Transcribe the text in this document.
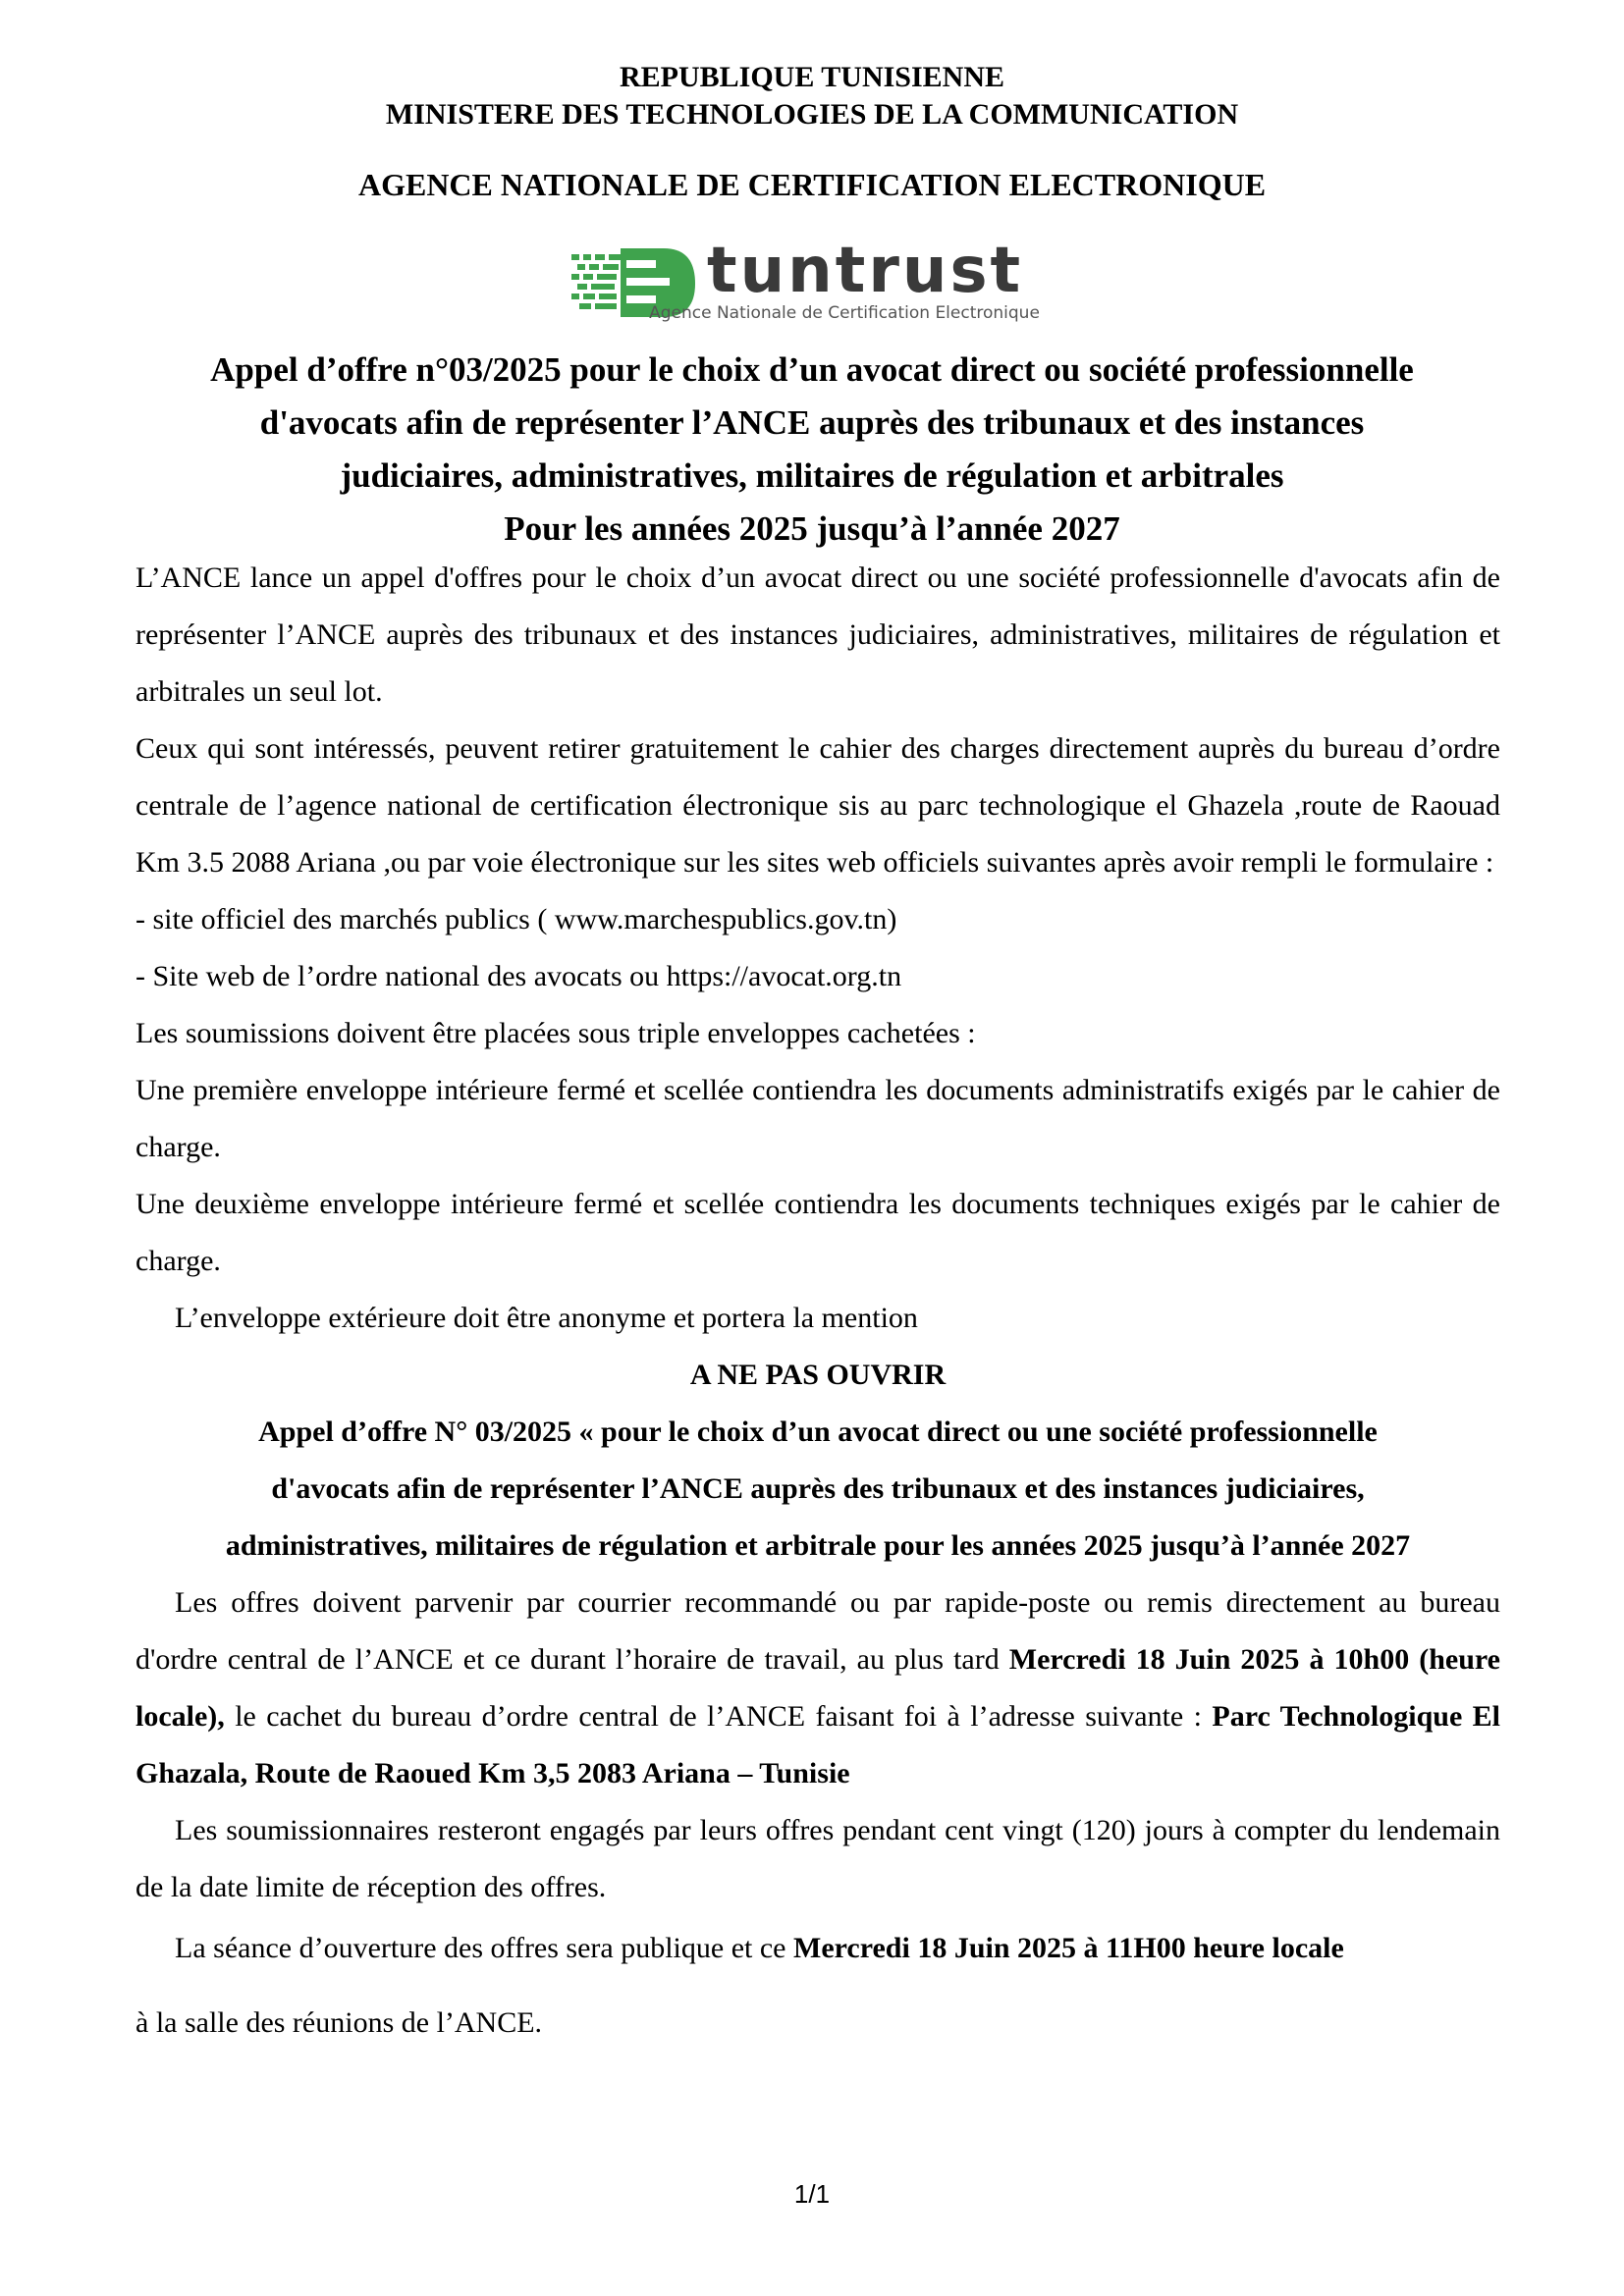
REPUBLIQUE TUNISIENNE
MINISTERE DES TECHNOLOGIES DE LA COMMUNICATION
AGENCE NATIONALE DE CERTIFICATION ELECTRONIQUE
tuntrust
Agence Nationale de Certification Electronique
Appel d’offre n°03/2025 pour le choix d’un avocat direct ou société professionnelle
d'avocats afin de représenter l’ANCE auprès des tribunaux et des instances
judiciaires, administratives, militaires de régulation et arbitrales
Pour les années 2025 jusqu’à l’année 2027

L’ANCE lance un appel d'offres pour le choix d’un avocat direct ou une société professionnelle d'avocats afin de représenter l’ANCE auprès des tribunaux et des instances judiciaires, administratives, militaires de régulation et arbitrales un seul lot.

Ceux qui sont intéressés, peuvent retirer gratuitement le cahier des charges directement auprès du bureau d’ordre centrale de l’agence national de certification électronique sis au parc technologique el Ghazela ,route de Raouad Km 3.5 2088 Ariana ,ou par voie électronique sur les sites web officiels suivantes après avoir rempli le formulaire :

- site officiel des marchés publics ( www.marchespublics.gov.tn)

- Site web de l’ordre national des avocats ou https://avocat.org.tn

Les soumissions doivent être placées sous triple enveloppes cachetées :

Une première enveloppe intérieure fermé et scellée contiendra les documents administratifs exigés par le cahier de charge.

Une deuxième enveloppe intérieure fermé et scellée contiendra les documents techniques exigés par le cahier de charge.

L’enveloppe extérieure doit être anonyme et portera la mention

A NE PAS OUVRIR

Appel d’offre N° 03/2025 « pour le choix d’un avocat direct ou une société professionnelle

d'avocats afin de représenter l’ANCE auprès des tribunaux et des instances judiciaires,

administratives, militaires de régulation et arbitrale pour les années 2025 jusqu’à l’année 2027

Les offres doivent parvenir par courrier recommandé ou par rapide-poste ou remis directement au bureau d'ordre central de l’ANCE et ce durant l’horaire de travail, au plus tard Mercredi 18 Juin 2025 à 10h00 (heure locale), le cachet du bureau d’ordre central de l’ANCE faisant foi à l’adresse suivante : Parc Technologique El Ghazala, Route de Raoued Km 3,5 2083 Ariana – Tunisie

Les soumissionnaires resteront engagés par leurs offres pendant cent vingt (120) jours à compter du lendemain de la date limite de réception des offres.

La séance d’ouverture des offres sera publique et ce Mercredi 18 Juin 2025 à 11H00 heure locale

à la salle des réunions de l’ANCE.

1/1
